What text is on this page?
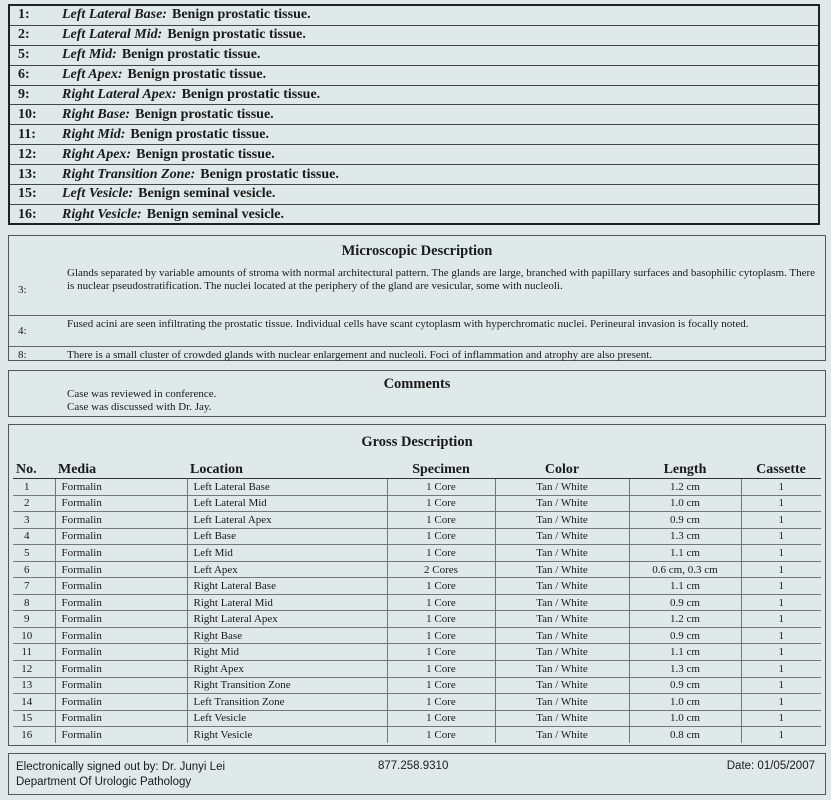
1:	Left Lateral Base: Benign prostatic tissue.
2:	Left Lateral Mid: Benign prostatic tissue.
5:	Left Mid: Benign prostatic tissue.
6:	Left Apex: Benign prostatic tissue.
9:	Right Lateral Apex: Benign prostatic tissue.
10:	Right Base: Benign prostatic tissue.
11:	Right Mid: Benign prostatic tissue.
12:	Right Apex: Benign prostatic tissue.
13:	Right Transition Zone: Benign prostatic tissue.
15:	Left Vesicle: Benign seminal vesicle.
16:	Right Vesicle: Benign seminal vesicle.
Microscopic Description
3:
Glands separated by variable amounts of stroma with normal architectural pattern. The glands are large, branched with papillary surfaces and basophilic cytoplasm. There is nuclear pseudostratification. The nuclei located at the periphery of the gland are vesicular, some with nucleoli.
4:
Fused acini are seen infiltrating the prostatic tissue. Individual cells have scant cytoplasm with hyperchromatic nuclei. Perineural invasion is focally noted.
8:	There is a small cluster of crowded glands with nuclear enlargement and nucleoli. Foci of inflammation and atrophy are also present.
Comments
Case was reviewed in conference.
Case was discussed with Dr. Jay.
Gross Description
No.	Media	Location	Specimen	Color	Length	Cassette
1	Formalin	Left Lateral Base	1 Core	Tan / White	1.2 cm	1
2	Formalin	Left Lateral Mid	1 Core	Tan / White	1.0 cm	1
3	Formalin	Left Lateral Apex	1 Core	Tan / White	0.9 cm	1
4	Formalin	Left Base	1 Core	Tan / White	1.3 cm	1
5	Formalin	Left Mid	1 Core	Tan / White	1.1 cm	1
6	Formalin	Left Apex	2 Cores	Tan / White	0.6 cm, 0.3 cm	1
7	Formalin	Right Lateral Base	1 Core	Tan / White	1.1 cm	1
8	Formalin	Right Lateral Mid	1 Core	Tan / White	0.9 cm	1
9	Formalin	Right Lateral Apex	1 Core	Tan / White	1.2 cm	1
10	Formalin	Right Base	1 Core	Tan / White	0.9 cm	1
11	Formalin	Right Mid	1 Core	Tan / White	1.1 cm	1
12	Formalin	Right Apex	1 Core	Tan / White	1.3 cm	1
13	Formalin	Right Transition Zone	1 Core	Tan / White	0.9 cm	1
14	Formalin	Left Transition Zone	1 Core	Tan / White	1.0 cm	1
15	Formalin	Left Vesicle	1 Core	Tan / White	1.0 cm	1
16	Formalin	Right Vesicle	1 Core	Tan / White	0.8 cm	1
Electronically signed out by: Dr. Junyi Lei
Department Of Urologic Pathology
877.258.9310	Date: 01/05/2007
